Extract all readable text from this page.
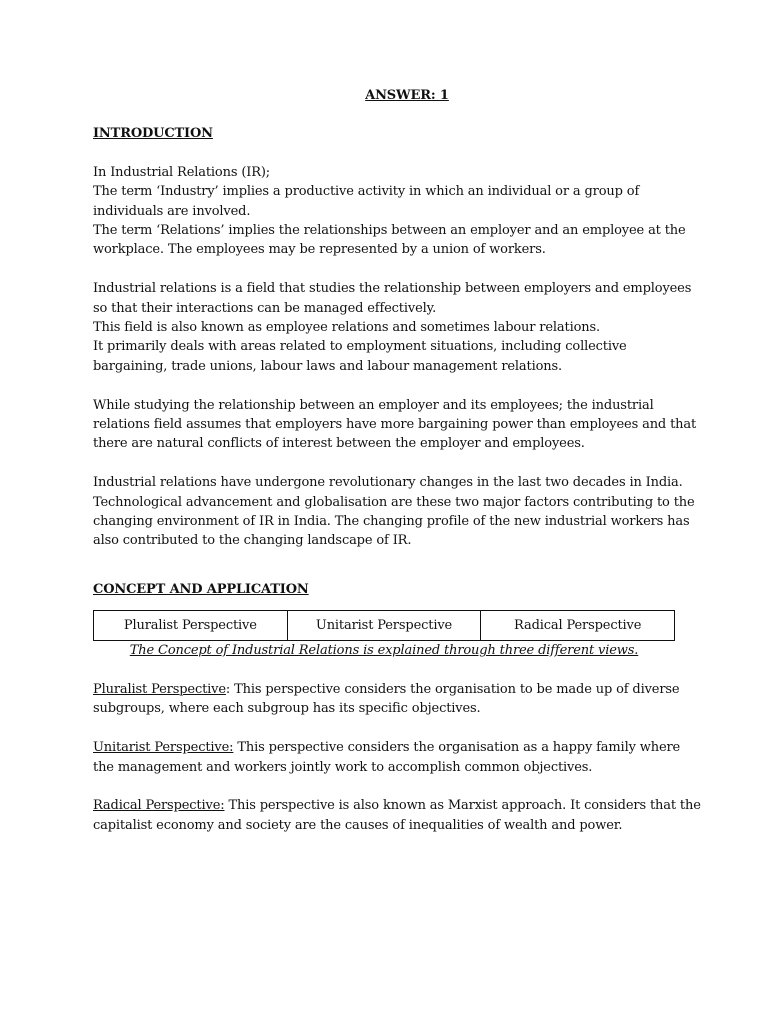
ANSWER: 1

INTRODUCTION

In Industrial Relations (IR);
The term ‘Industry’ implies a productive activity in which an individual or a group of
individuals are involved.
The term ‘Relations’ implies the relationships between an employer and an employee at the
workplace. The employees may be represented by a union of workers.

Industrial relations is a field that studies the relationship between employers and employees
so that their interactions can be managed effectively.
This field is also known as employee relations and sometimes labour relations.
It primarily deals with areas related to employment situations, including collective
bargaining, trade unions, labour laws and labour management relations.

While studying the relationship between an employer and its employees; the industrial
relations field assumes that employers have more bargaining power than employees and that
there are natural conflicts of interest between the employer and employees.

Industrial relations have undergone revolutionary changes in the last two decades in India.
Technological advancement and globalisation are these two major factors contributing to the
changing environment of IR in India. The changing profile of the new industrial workers has
also contributed to the changing landscape of IR.

CONCEPT AND APPLICATION

Pluralist Perspective	Unitarist Perspective	Radical Perspective

The Concept of Industrial Relations is explained through three different views.

Pluralist Perspective: This perspective considers the organisation to be made up of diverse
subgroups, where each subgroup has its specific objectives.

Unitarist Perspective: This perspective considers the organisation as a happy family where
the management and workers jointly work to accomplish common objectives.

Radical Perspective: This perspective is also known as Marxist approach. It considers that the
capitalist economy and society are the causes of inequalities of wealth and power.
